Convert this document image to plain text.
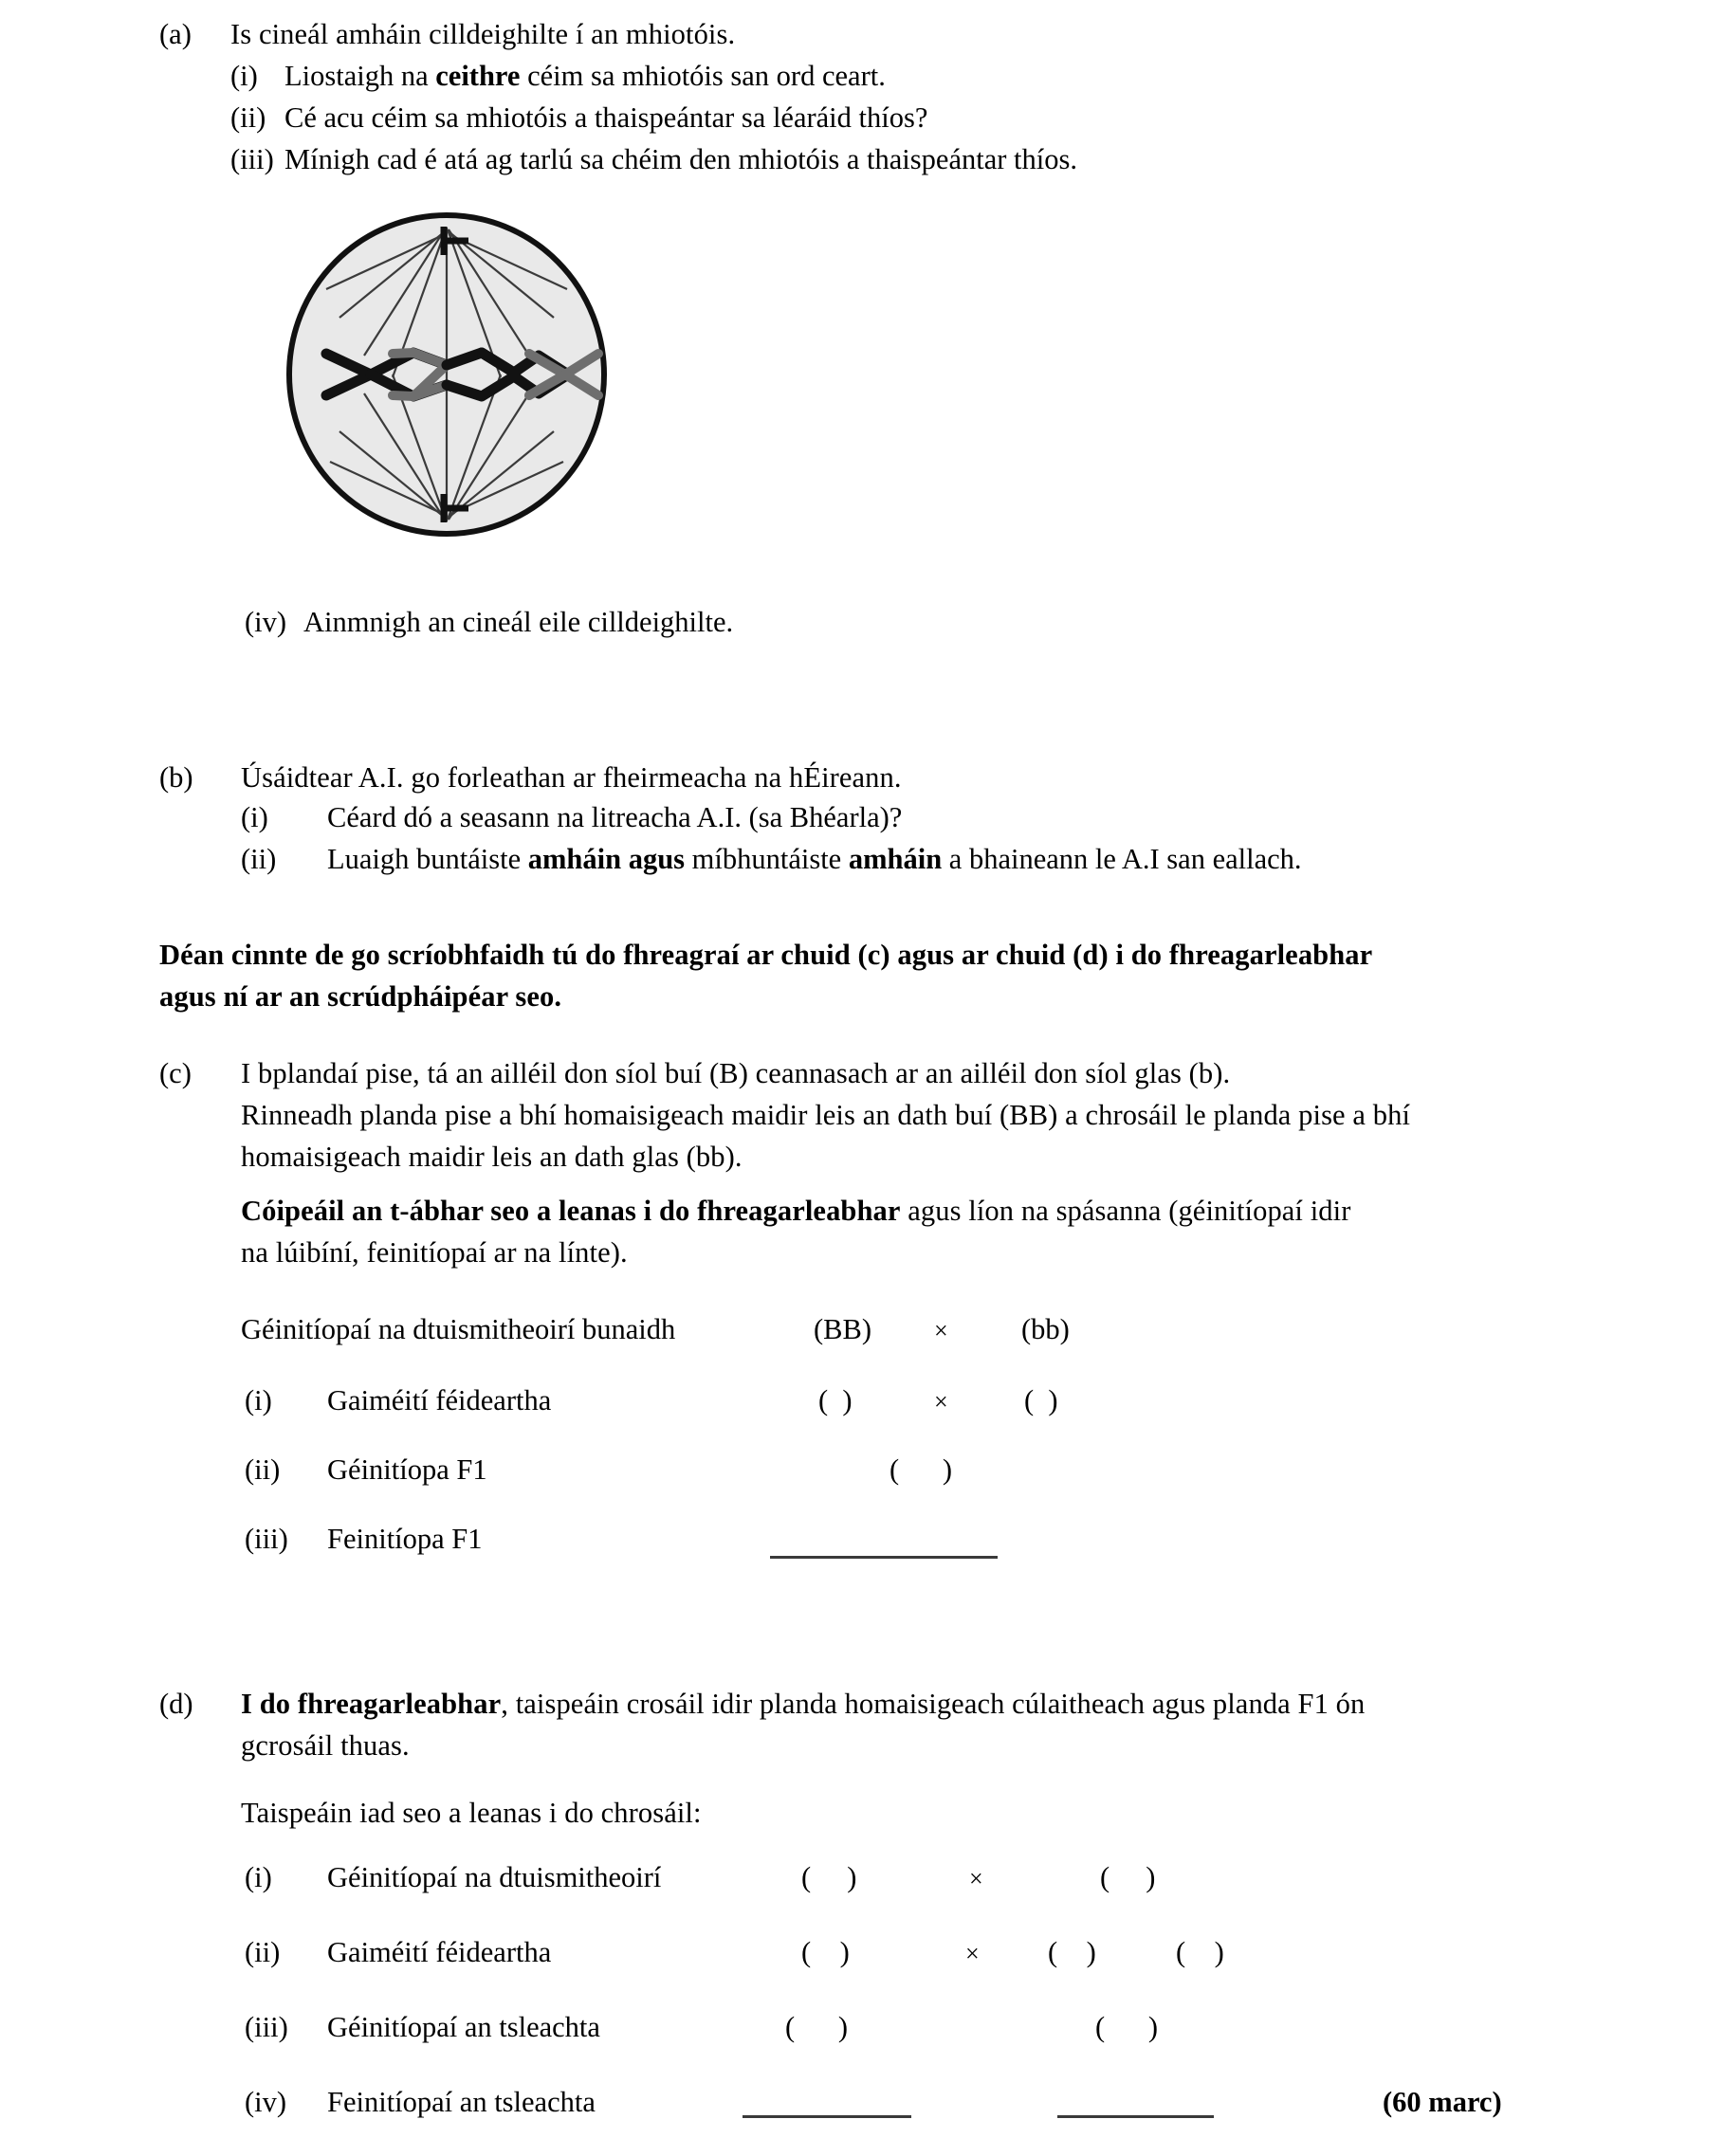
(a) Is cineál amháin cilldeighilte í an mhiotóis.
(i) Liostaigh na ceithre céim sa mhiotóis san ord ceart.
(ii) Cé acu céim sa mhiotóis a thaispeántar sa léaráid thíos?
(iii) Mínigh cad é atá ag tarlú sa chéim den mhiotóis a thaispeántar thíos.
(iv) Ainmnigh an cineál eile cilldeighilte.
(b) Úsáidtear A.I. go forleathan ar fheirmeacha na hÉireann.
(i) Céard dó a seasann na litreacha A.I. (sa Bhéarla)?
(ii) Luaigh buntáiste amháin agus míbhuntáiste amháin a bhaineann le A.I san eallach.
Déan cinnte de go scríobhfaidh tú do fhreagraí ar chuid (c) agus ar chuid (d) i do fhreagarleabhar
agus ní ar an scrúdpháipéar seo.
(c) I bplandaí pise, tá an ailléil don síol buí (B) ceannasach ar an ailléil don síol glas (b).
Rinneadh planda pise a bhí homaisigeach maidir leis an dath buí (BB) a chrosáil le planda pise a bhí
homaisigeach maidir leis an dath glas (bb).
Cóipeáil an t-ábhar seo a leanas i do fhreagarleabhar agus líon na spásanna (géinitíopaí idir
na lúibíní, feinitíopaí ar na línte).
Géinitíopaí na dtuismitheoirí bunaidh	(BB)	×	(bb)
(i) Gaiméití féideartha	(  )	×	(  )
(ii) Géinitíopa F1	(      )
(iii) Feinitíopa F1
(d) I do fhreagarleabhar, taispeáin crosáil idir planda homaisigeach cúlaitheach agus planda F1 ón
gcrosáil thuas.
Taispeáin iad seo a leanas i do chrosáil:
(i) Géinitíopaí na dtuismitheoirí	(     )	×	(     )
(ii) Gaiméití féideartha	(    )	× (    )	(    )
(iii) Géinitíopaí an tsleachta	(      )	(      )
(iv) Feinitíopaí an tsleachta	(60 marc)
